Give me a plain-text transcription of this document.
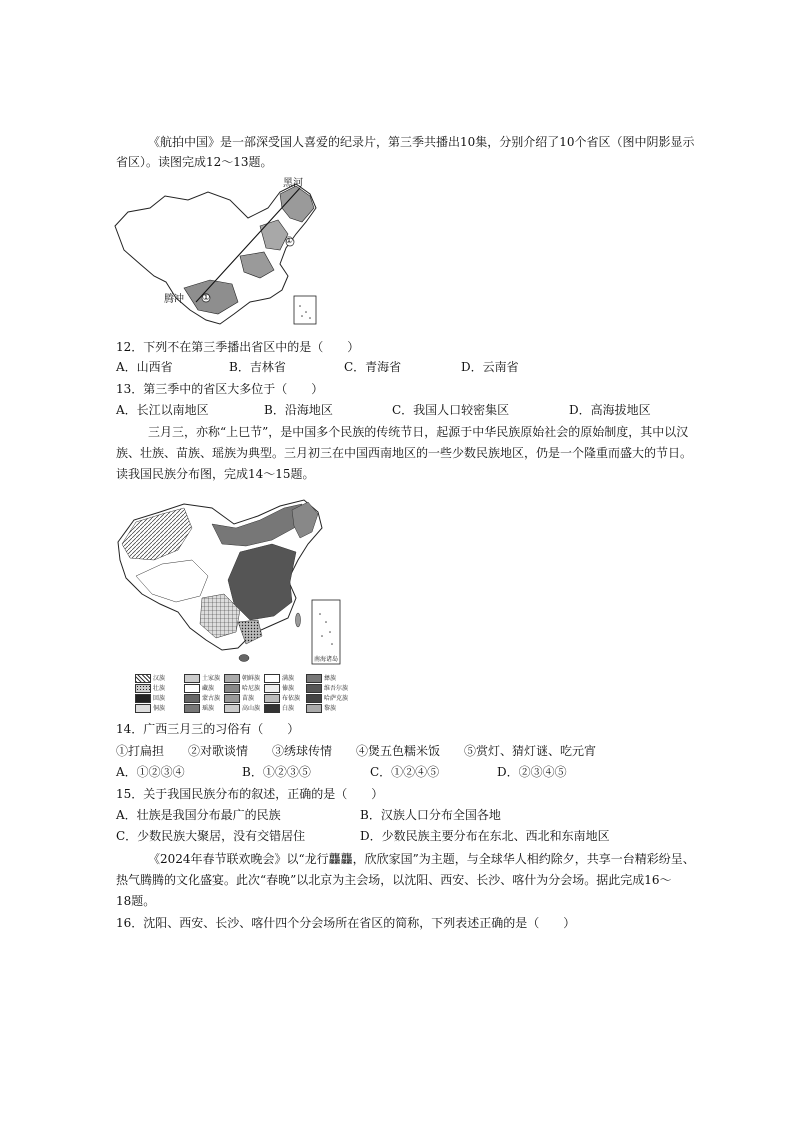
《航拍中国》是一部深受国人喜爱的纪录片，第三季共播出10集，分别介绍了10个省区（图中阴影显示
省区）。读图完成12～13题。
黑河
腾冲
①
①
12．下列不在第三季播出省区中的是（　　）
A．山西省	B．吉林省	C．青海省	D．云南省
13．第三季中的省区大多位于（　　）
A．长江以南地区	B．沿海地区	C．我国人口较密集区	D．高海拔地区
三月三，亦称“上巳节”，是中国多个民族的传统节日，起源于中华民族原始社会的原始制度，其中以汉
族、壮族、苗族、瑶族为典型。三月初三在中国西南地区的一些少数民族地区，仍是一个隆重而盛大的节日。
读我国民族分布图，完成14～15题。
南海诸岛
汉族	土家族	朝鲜族	满族	彝族
壮族	藏族	哈尼族	傣族	维吾尔族
回族	蒙古族	苗族	布依族	哈萨克族
侗族	瑶族	高山族	白族	黎族
14．广西三月三的习俗有（　　）
①打扁担　　②对歌谈情　　③绣球传情　　④煲五色糯米饭　　⑤赏灯、猜灯谜、吃元宵
A．①②③④	B．①②③⑤	C．①②④⑤	D．②③④⑤
15．关于我国民族分布的叙述，正确的是（　　）
A．壮族是我国分布最广的民族	B．汉族人口分布全国各地
C．少数民族大聚居，没有交错居住	D．少数民族主要分布在东北、西北和东南地区
《2024年春节联欢晚会》以“龙行龘龘，欣欣家国”为主题，与全球华人相约除夕，共享一台精彩纷呈、
热气腾腾的文化盛宴。此次“春晚”以北京为主会场，以沈阳、西安、长沙、喀什为分会场。据此完成16～
18题。
16．沈阳、西安、长沙、喀什四个分会场所在省区的简称，下列表述正确的是（　　）
